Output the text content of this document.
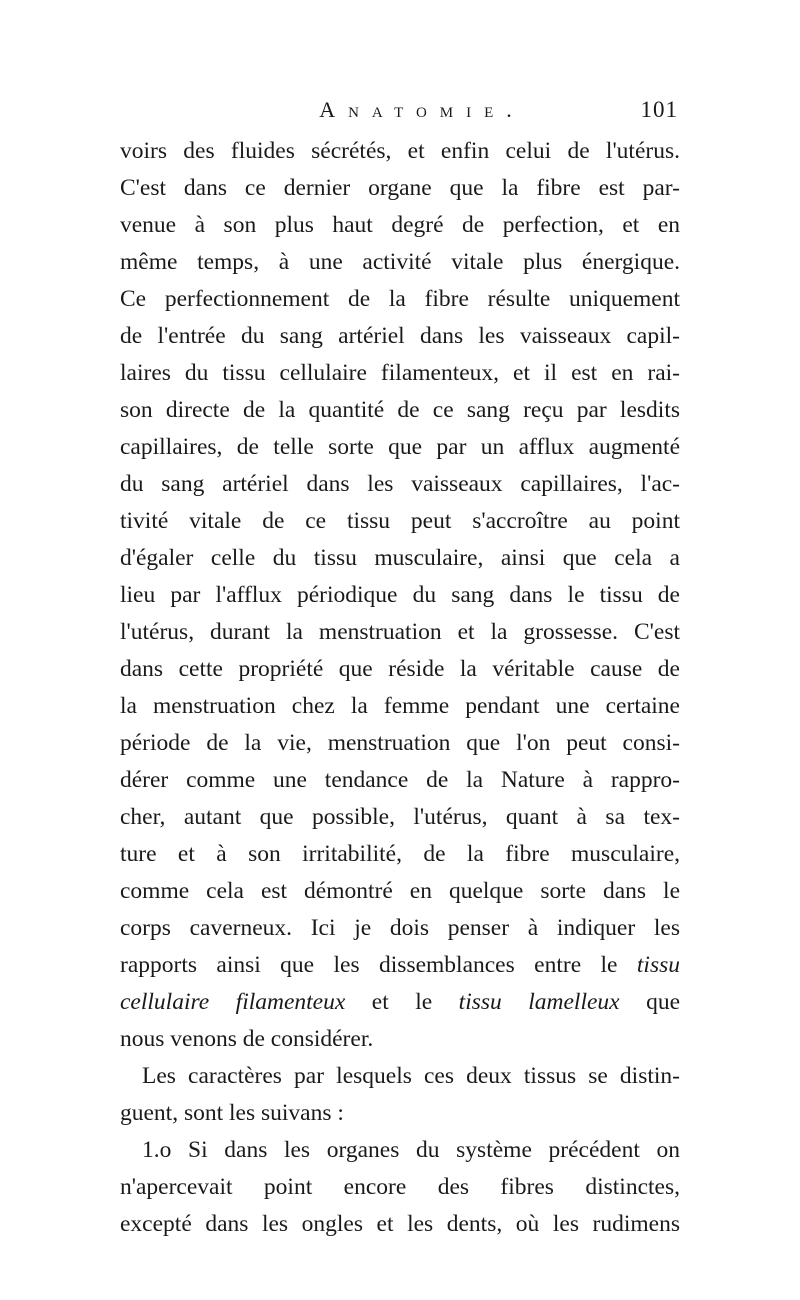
Anatomie.	101
voirs des fluides sécrétés, et enfin celui de l'utérus.
C'est dans ce dernier organe que la fibre est par-
venue à son plus haut degré de perfection, et en
même temps, à une activité vitale plus énergique.
Ce perfectionnement de la fibre résulte uniquement
de l'entrée du sang artériel dans les vaisseaux capil-
laires du tissu cellulaire filamenteux, et il est en rai-
son directe de la quantité de ce sang reçu par lesdits
capillaires, de telle sorte que par un afflux augmenté
du sang artériel dans les vaisseaux capillaires, l'ac-
tivité vitale de ce tissu peut s'accroître au point
d'égaler celle du tissu musculaire, ainsi que cela a
lieu par l'afflux périodique du sang dans le tissu de
l'utérus, durant la menstruation et la grossesse. C'est
dans cette propriété que réside la véritable cause de
la menstruation chez la femme pendant une certaine
période de la vie, menstruation que l'on peut consi-
dérer comme une tendance de la Nature à rappro-
cher, autant que possible, l'utérus, quant à sa tex-
ture et à son irritabilité, de la fibre musculaire,
comme cela est démontré en quelque sorte dans le
corps caverneux. Ici je dois penser à indiquer les
rapports ainsi que les dissemblances entre le tissu
cellulaire filamenteux et le tissu lamelleux que
nous venons de considérer.
Les caractères par lesquels ces deux tissus se distin-
guent, sont les suivans :
1.o Si dans les organes du système précédent on
n'apercevait point encore des fibres distinctes,
excepté dans les ongles et les dents, où les rudimens
